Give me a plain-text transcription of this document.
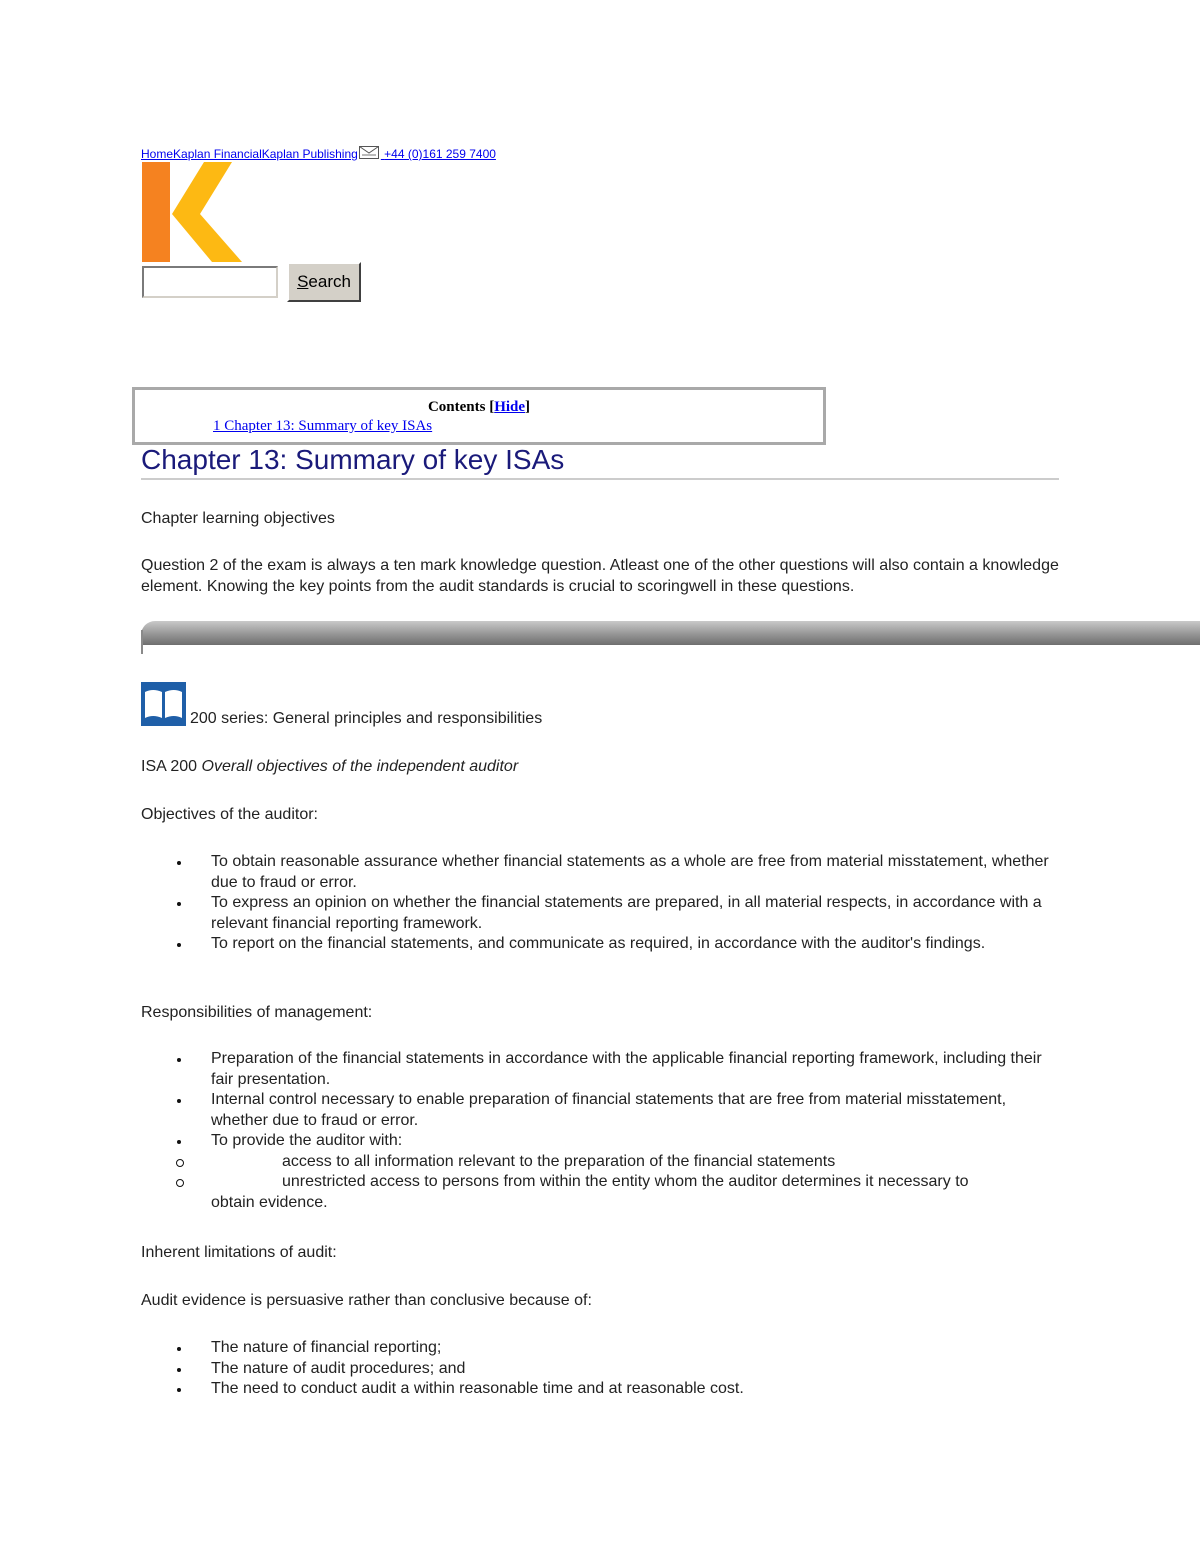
HomeKaplan FinancialKaplan Publishing +44 (0)161 259 7400
Search
Contents [Hide]
1 Chapter 13: Summary of key ISAs
Chapter 13: Summary of key ISAs

Chapter learning objectives

Question 2 of the exam is always a ten mark knowledge question. Atleast one of the other questions will also contain a knowledge element. Knowing the key points from the audit standards is crucial to scoringwell in these questions.

200 series: General principles and responsibilities

ISA 200 Overall objectives of the independent auditor

Objectives of the auditor:

To obtain reasonable assurance whether financial statements as a whole are free from material misstatement, whether due to fraud or error.
To express an opinion on whether the financial statements are prepared, in all material respects, in accordance with a relevant financial reporting framework.
To report on the financial statements, and communicate as required, in accordance with the auditor's findings.

Responsibilities of management:

Preparation of the financial statements in accordance with the applicable financial reporting framework, including their fair presentation.
Internal control necessary to enable preparation of financial statements that are free from material misstatement, whether due to fraud or error.
To provide the auditor with:
access to all information relevant to the preparation of the financial statements
unrestricted access to persons from within the entity whom the auditor determines it necessary to
obtain evidence.

Inherent limitations of audit:

Audit evidence is persuasive rather than conclusive because of:

The nature of financial reporting;
The nature of audit procedures; and
The need to conduct audit a within reasonable time and at reasonable cost.
